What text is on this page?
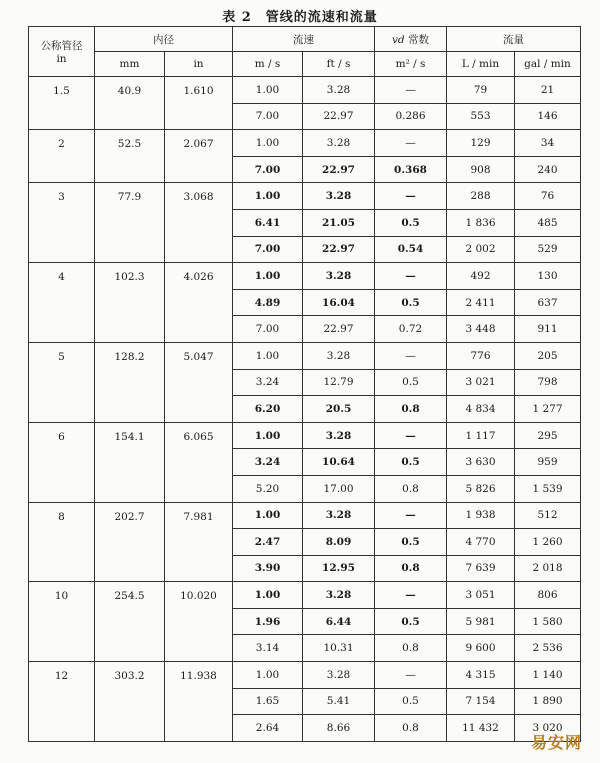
表 2　管线的流速和流量
公称管径
in	内径		流速		vd 常数	流量	
	mm	in	m / s	ft / s	m² / s	L / min	gal / min
1.5	40.9	1.610	1.00	3.28	—	79	21
			7.00	22.97	0.286	553	146
2	52.5	2.067	1.00	3.28	—	129	34
			7.00	22.97	0.368	908	240
3	77.9	3.068	1.00	3.28	—	288	76
			6.41	21.05	0.5	1 836	485
			7.00	22.97	0.54	2 002	529
4	102.3	4.026	1.00	3.28	—	492	130
			4.89	16.04	0.5	2 411	637
			7.00	22.97	0.72	3 448	911
5	128.2	5.047	1.00	3.28	—	776	205
			3.24	12.79	0.5	3 021	798
			6.20	20.5	0.8	4 834	1 277
6	154.1	6.065	1.00	3.28	—	1 117	295
			3.24	10.64	0.5	3 630	959
			5.20	17.00	0.8	5 826	1 539
8	202.7	7.981	1.00	3.28	—	1 938	512
			2.47	8.09	0.5	4 770	1 260
			3.90	12.95	0.8	7 639	2 018
10	254.5	10.020	1.00	3.28	—	3 051	806
			1.96	6.44	0.5	5 981	1 580
			3.14	10.31	0.8	9 600	2 536
12	303.2	11.938	1.00	3.28	—	4 315	1 140
			1.65	5.41	0.5	7 154	1 890
			2.64	8.66	0.8	11 432	3 020
易安网
